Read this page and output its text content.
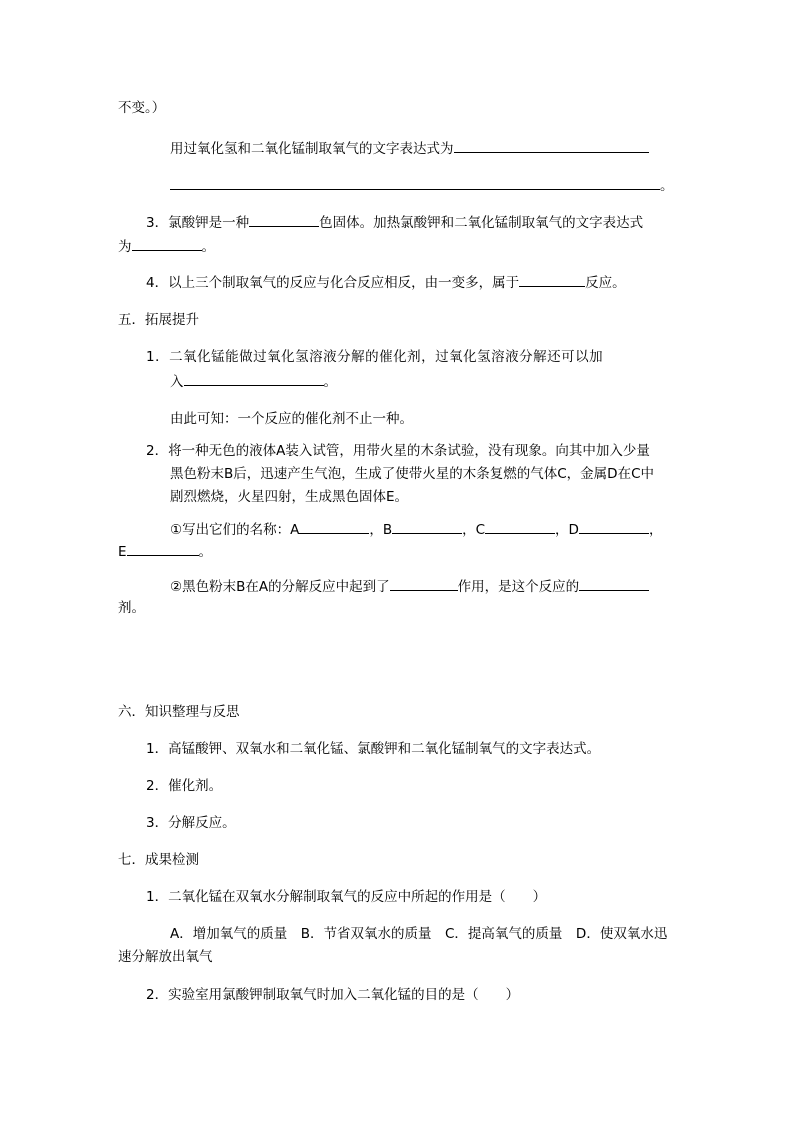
不变。）
用过氧化氢和二氧化锰制取氧气的文字表达式为
。
3．氯酸钾是一种	色固体。加热氯酸钾和二氧化锰制取氧气的文字表达式
为	。
4．以上三个制取氧气的反应与化合反应相反，由一变多，属于	反应。
五．拓展提升
1．二氧化锰能做过氧化氢溶液分解的催化剂，过氧化氢溶液分解还可以加
入	。
由此可知：一个反应的催化剂不止一种。
2．将一种无色的液体A装入试管，用带火星的木条试验，没有现象。向其中加入少量
黑色粉末B后，迅速产生气泡，生成了使带火星的木条复燃的气体C，金属D在C中
剧烈燃烧，火星四射，生成黑色固体E。
①写出它们的名称：A	，B	，C	，D	，
E	。
②黑色粉末B在A的分解反应中起到了	作用，是这个反应的
剂。
六．知识整理与反思
1．高锰酸钾、双氧水和二氧化锰、氯酸钾和二氧化锰制氧气的文字表达式。
2．催化剂。
3．分解反应。
七．成果检测
1．二氧化锰在双氧水分解制取氧气的反应中所起的作用是（　　）
A．增加氧气的质量　B．节省双氧水的质量　C．提高氧气的质量　D．使双氧水迅
速分解放出氧气
2．实验室用氯酸钾制取氧气时加入二氧化锰的目的是（　　）
